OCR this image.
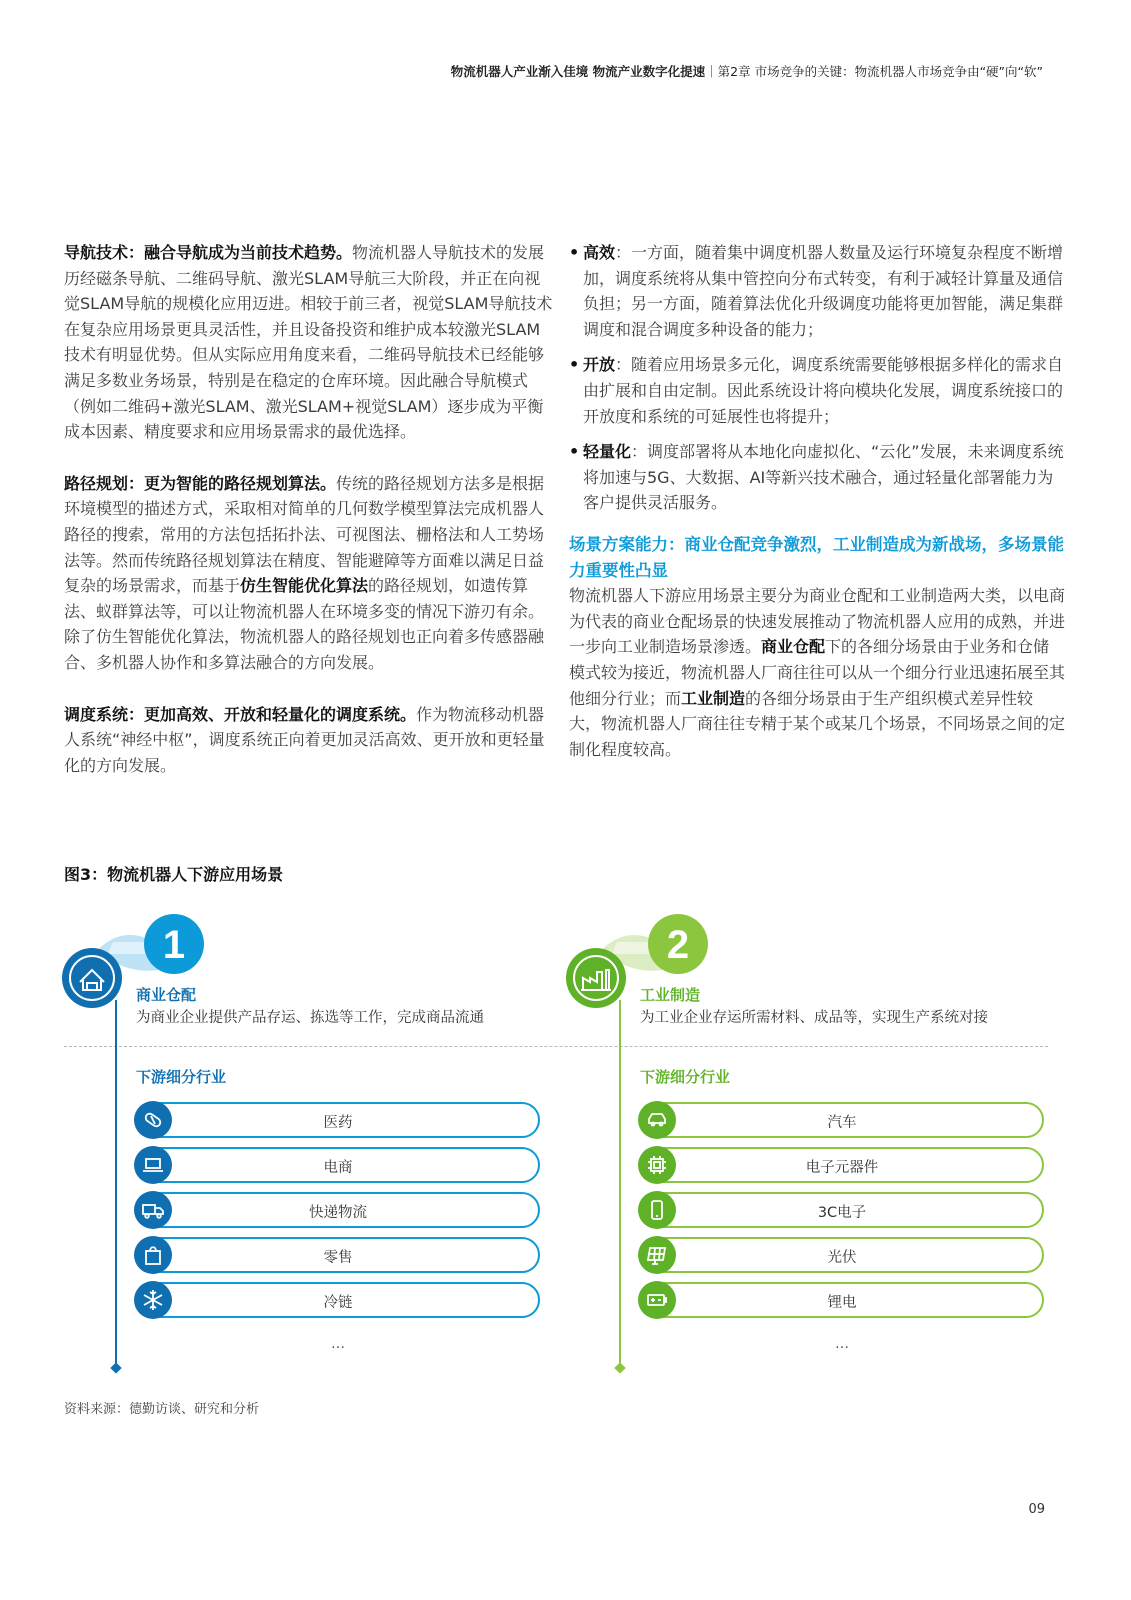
物流机器人产业渐入佳境 物流产业数字化提速｜第2章 市场竞争的关键：物流机器人市场竞争由“硬”向“软”

导航技术：融合导航成为当前技术趋势。物流机器人导航技术的发展历经磁条导航、二维码导航、激光SLAM导航三大阶段，并正在向视觉SLAM导航的规模化应用迈进。相较于前三者，视觉SLAM导航技术在复杂应用场景更具灵活性，并且设备投资和维护成本较激光SLAM技术有明显优势。但从实际应用角度来看，二维码导航技术已经能够满足多数业务场景，特别是在稳定的仓库环境。因此融合导航模式（例如二维码+激光SLAM、激光SLAM+视觉SLAM）逐步成为平衡成本因素、精度要求和应用场景需求的最优选择。

路径规划：更为智能的路径规划算法。传统的路径规划方法多是根据环境模型的描述方式，采取相对简单的几何数学模型算法完成机器人路径的搜索，常用的方法包括拓扑法、可视图法、栅格法和人工势场法等。然而传统路径规划算法在精度、智能避障等方面难以满足日益复杂的场景需求，而基于仿生智能优化算法的路径规划，如遗传算法、蚁群算法等，可以让物流机器人在环境多变的情况下游刃有余。除了仿生智能优化算法，物流机器人的路径规划也正向着多传感器融合、多机器人协作和多算法融合的方向发展。

调度系统：更加高效、开放和轻量化的调度系统。作为物流移动机器人系统“神经中枢”，调度系统正向着更加灵活高效、更开放和更轻量化的方向发展。

• 高效：一方面，随着集中调度机器人数量及运行环境复杂程度不断增加，调度系统将从集中管控向分布式转变，有利于减轻计算量及通信负担；另一方面，随着算法优化升级调度功能将更加智能，满足集群调度和混合调度多种设备的能力；

• 开放：随着应用场景多元化，调度系统需要能够根据多样化的需求自由扩展和自由定制。因此系统设计将向模块化发展，调度系统接口的开放度和系统的可延展性也将提升；

• 轻量化：调度部署将从本地化向虚拟化、“云化”发展，未来调度系统将加速与5G、大数据、AI等新兴技术融合，通过轻量化部署能力为客户提供灵活服务。

场景方案能力：商业仓配竞争激烈，工业制造成为新战场，多场景能力重要性凸显

物流机器人下游应用场景主要分为商业仓配和工业制造两大类，以电商为代表的商业仓配场景的快速发展推动了物流机器人应用的成熟，并进一步向工业制造场景渗透。商业仓配下的各细分场景由于业务和仓储模式较为接近，物流机器人厂商往往可以从一个细分行业迅速拓展至其他细分行业；而工业制造的各细分场景由于生产组织模式差异性较大，物流机器人厂商往往专精于某个或某几个场景，不同场景之间的定制化程度较高。

图3：物流机器人下游应用场景
1
商业仓配
为商业企业提供产品存运、拣选等工作，完成商品流通
2
工业制造
为工业企业存运所需材料、成品等，实现生产系统对接
下游细分行业	下游细分行业
医药
电商
快递物流
零售
冷链
…
汽车
电子元器件
3C电子
光伏
锂电
…
资料来源：德勤访谈、研究和分析
09
